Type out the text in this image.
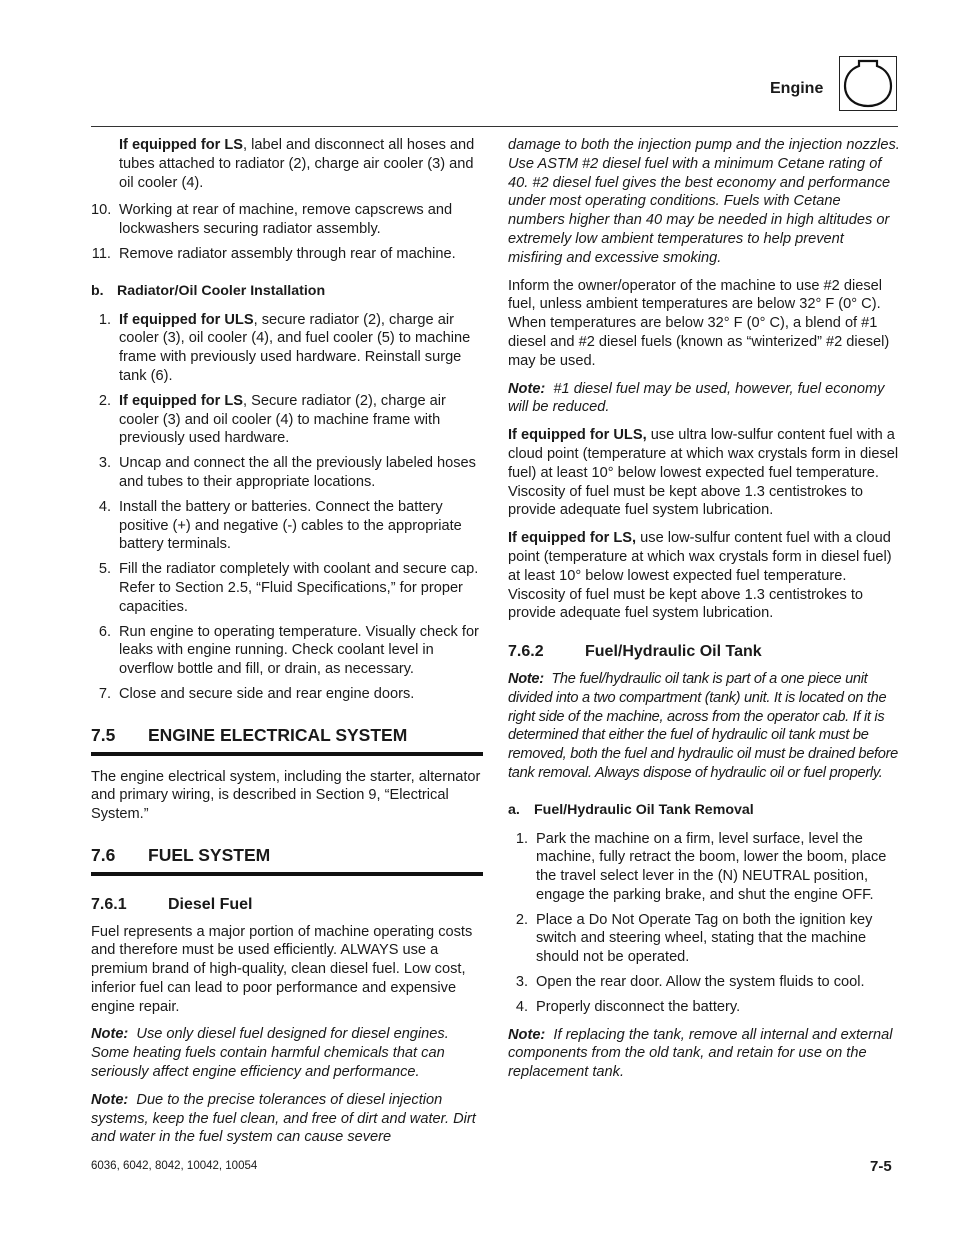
Engine

If equipped for LS, label and disconnect all hoses and tubes attached to radiator (2), charge air cooler (3) and oil cooler (4).

10. Working at rear of machine, remove capscrews and lockwashers securing radiator assembly.
11. Remove radiator assembly through rear of machine.
b. Radiator/Oil Cooler Installation
1. If equipped for ULS, secure radiator (2), charge air cooler (3), oil cooler (4), and fuel cooler (5) to machine frame with previously used hardware. Reinstall surge tank (6).
2. If equipped for LS, Secure radiator (2), charge air cooler (3) and oil cooler (4) to machine frame with previously used hardware.
3. Uncap and connect the all the previously labeled hoses and tubes to their appropriate locations.
4. Install the battery or batteries. Connect the battery positive (+) and negative (-) cables to the appropriate battery terminals.
5. Fill the radiator completely with coolant and secure cap. Refer to Section 2.5, “Fluid Specifications,” for proper capacities.
6. Run engine to operating temperature. Visually check for leaks with engine running. Check coolant level in overflow bottle and fill, or drain, as necessary.
7. Close and secure side and rear engine doors.
7.5 ENGINE ELECTRICAL SYSTEM

The engine electrical system, including the starter, alternator and primary wiring, is described in Section 9, “Electrical System.”

7.6 FUEL SYSTEM
7.6.1	Diesel Fuel

Fuel represents a major portion of machine operating costs and therefore must be used efficiently. ALWAYS use a premium brand of high-quality, clean diesel fuel. Low cost, inferior fuel can lead to poor performance and expensive engine repair.

Note: Use only diesel fuel designed for diesel engines. Some heating fuels contain harmful chemicals that can seriously affect engine efficiency and performance.

Note: Due to the precise tolerances of diesel injection systems, keep the fuel clean, and free of dirt and water. Dirt and water in the fuel system can cause severe

damage to both the injection pump and the injection nozzles. Use ASTM #2 diesel fuel with a minimum Cetane rating of 40. #2 diesel fuel gives the best economy and performance under most operating conditions. Fuels with Cetane numbers higher than 40 may be needed in high altitudes or extremely low ambient temperatures to help prevent misfiring and excessive smoking.

Inform the owner/operator of the machine to use #2 diesel fuel, unless ambient temperatures are below 32° F (0° C). When temperatures are below 32° F (0° C), a blend of #1 diesel and #2 diesel fuels (known as “winterized” #2 diesel) may be used.

Note: #1 diesel fuel may be used, however, fuel economy will be reduced.

If equipped for ULS, use ultra low-sulfur content fuel with a cloud point (temperature at which wax crystals form in diesel fuel) at least 10° below lowest expected fuel temperature. Viscosity of fuel must be kept above 1.3 centistrokes to provide adequate fuel system lubrication.

If equipped for LS, use low-sulfur content fuel with a cloud point (temperature at which wax crystals form in diesel fuel) at least 10° below lowest expected fuel temperature. Viscosity of fuel must be kept above 1.3 centistrokes to provide adequate fuel system lubrication.

7.6.2	Fuel/Hydraulic Oil Tank

Note: The fuel/hydraulic oil tank is part of a one piece unit divided into a two compartment (tank) unit. It is located on the right side of the machine, across from the operator cab. If it is determined that either the fuel of hydraulic oil tank must be removed, both the fuel and hydraulic oil must be drained before tank removal. Always dispose of hydraulic oil or fuel properly.

a. Fuel/Hydraulic Oil Tank Removal
1. Park the machine on a firm, level surface, level the machine, fully retract the boom, lower the boom, place the travel select lever in the (N) NEUTRAL position, engage the parking brake, and shut the engine OFF.
2. Place a Do Not Operate Tag on both the ignition key switch and steering wheel, stating that the machine should not be operated.
3. Open the rear door. Allow the system fluids to cool.
4. Properly disconnect the battery.

Note: If replacing the tank, remove all internal and external components from the old tank, and retain for use on the replacement tank.

6036, 6042, 8042, 10042, 10054	7-5
